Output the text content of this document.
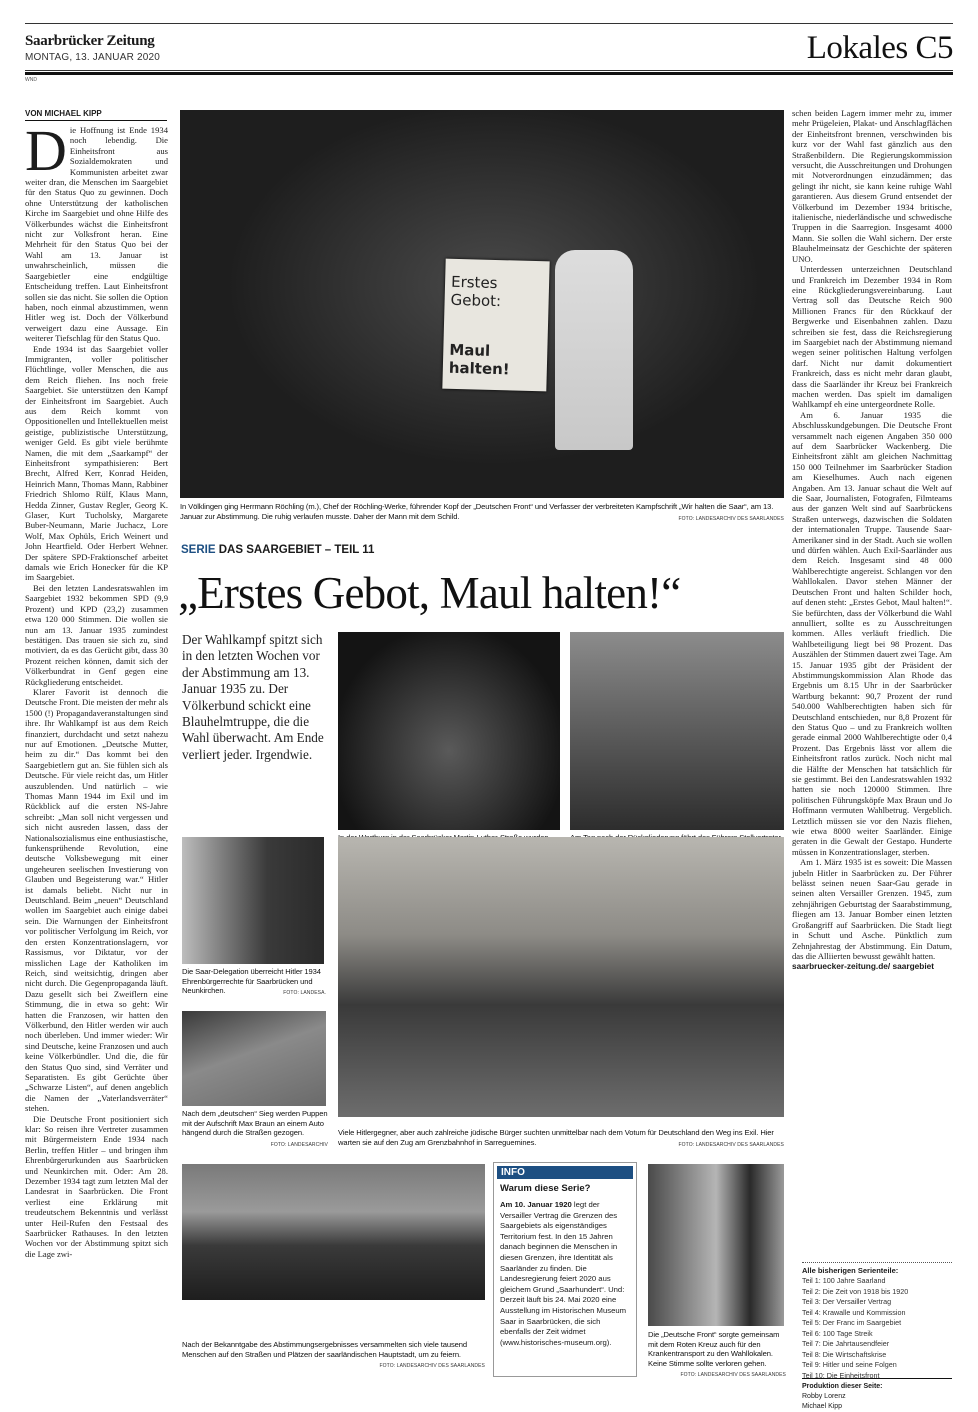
Saarbrücker Zeitung
MONTAG, 13. JANUAR 2020	Lokales C5
WND
VON MICHAEL KIPP

Die Hoffnung ist Ende 1934 noch lebendig. Die Einheitsfront aus Sozialdemokraten und Kommunisten arbeitet zwar weiter dran, die Menschen im Saargebiet für den Status Quo zu gewinnen. Doch ohne Unterstützung der katholischen Kirche im Saargebiet und ohne Hilfe des Völkerbundes wächst die Einheitsfront nicht zur Volksfront heran. Eine Mehrheit für den Status Quo bei der Wahl am 13. Januar ist unwahrscheinlich, müssen die Saargebietler eine endgültige Entscheidung treffen. Laut Einheitsfront sollen sie das nicht. Sie sollen die Option haben, noch einmal abzustimmen, wenn Hitler weg ist. Doch der Völkerbund verweigert dazu eine Aussage. Ein weiterer Tiefschlag für den Status Quo.

Ende 1934 ist das Saargebiet voller Immigranten, voller politischer Flüchtlinge, voller Menschen, die aus dem Reich fliehen. Ins noch freie Saargebiet. Sie unterstützen den Kampf der Einheitsfront im Saargebiet. Auch aus dem Reich kommt von Oppositionellen und Intellektuellen meist geistige, publizistische Unterstützung, weniger Geld. Es gibt viele berühmte Namen, die mit dem „Saarkampf“ der Einheitsfront sympathisieren: Bert Brecht, Alfred Kerr, Konrad Heiden, Heinrich Mann, Thomas Mann, Rabbiner Friedrich Shlomo Rülf, Klaus Mann, Hedda Zinner, Gustav Regler, Georg K. Glaser, Kurt Tucholsky, Margarete Buber-Neumann, Marie Juchacz, Lore Wolf, Max Ophüls, Erich Weinert und John Heartfield. Oder Herbert Wehner. Der spätere SPD-Fraktionschef arbeitet damals wie Erich Honecker für die KP im Saargebiet.

Bei den letzten Landesratswahlen im Saargebiet 1932 bekommen SPD (9,9 Prozent) und KPD (23,2) zusammen etwa 120 000 Stimmen. Die wollen sie nun am 13. Januar 1935 zumindest bestätigen. Das trauen sie sich zu, sind motiviert, da es das Gerücht gibt, dass 30 Prozent reichen können, damit sich der Völkerbundrat in Genf gegen eine Rückgliederung entscheidet.

Klarer Favorit ist dennoch die Deutsche Front. Die meisten der mehr als 1500 (!) Propagandaveranstaltungen sind ihre. Ihr Wahlkampf ist aus dem Reich finanziert, durchdacht und setzt nahezu nur auf Emotionen. „Deutsche Mutter, heim zu dir.“ Das kommt bei den Saargebietlern gut an. Sie fühlen sich als Deutsche. Für viele reicht das, um Hitler auszublenden. Und natürlich – wie Thomas Mann 1944 im Exil und im Rückblick auf die ersten NS-Jahre schreibt: „Man soll nicht vergessen und sich nicht ausreden lassen, dass der Nationalsozialismus eine enthusiastische, funkensprühende Revolution, eine deutsche Volksbewegung mit einer ungeheuren seelischen Investierung von Glauben und Begeisterung war.“ Hitler ist damals beliebt. Nicht nur in Deutschland. Beim „neuen“ Deutschland wollen im Saargebiet auch einige dabei sein. Die Warnungen der Einheitsfront vor politischer Verfolgung im Reich, vor den ersten Konzentrationslagern, vor Rassismus, vor Diktatur, vor der misslichen Lage der Katholiken im Reich, sind weitsichtig, dringen aber nicht durch. Die Gegenpropaganda läuft. Dazu gesellt sich bei Zweiflern eine Stimmung, die in etwa so geht: Wir hatten die Franzosen, wir hatten den Völkerbund, den Hitler werden wir auch noch überleben. Und immer wieder: Wir sind Deutsche, keine Franzosen und auch keine Völkerbündler. Und die, die für den Status Quo sind, sind Verräter und Separatisten. Es gibt Gerüchte über „Schwarze Listen“, auf denen angeblich die Namen der „Vaterlandsverräter“ stehen.

Die Deutsche Front positioniert sich klar: So reisen ihre Vertreter zusammen mit Bürgermeistern Ende 1934 nach Berlin, treffen Hitler – und bringen ihm Ehrenbürgerurkunden aus Saarbrücken und Neunkirchen mit. Oder: Am 28. Dezember 1934 tagt zum letzten Mal der Landesrat in Saarbrücken. Die Front verliest eine Erklärung mit treudeutschem Bekenntnis und verlässt unter Heil-Rufen den Festsaal des Saarbrücker Rathauses. In den letzten Wochen vor der Abstimmung spitzt sich die Lage zwi-

Erstes Gebot:
Maul halten!
In Völklingen ging Herrmann Röchling (m.), Chef der Röchling-Werke, führender Kopf der „Deutschen Front“ und Verfasser der verbreiteten Kampfschrift „Wir halten die Saar“, am 13. Januar zur Abstimmung. Die ruhig verlaufen musste. Daher der Mann mit dem Schild.	FOTO: LANDESARCHIV DES SAARLANDES
SERIE DAS SAARGEBIET – TEIL 11
„Erstes Gebot, Maul halten!“
Der Wahlkampf spitzt sich in den letzten Wochen vor der Abstimmung am 13. Januar 1935 zu. Der Völkerbund schickt eine Blauhelmtruppe, die die Wahl überwacht. Am Ende verliert jeder. Irgendwie.
Die Saar-Delegation überreicht Hitler 1934 Ehrenbürgerrechte für Saarbrücken und Neunkirchen.	FOTO: LANDESA.
Nach dem „deutschen“ Sieg werden Puppen mit der Aufschrift Max Braun an einem Auto hängend durch die Straßen gezogen.
FOTO: LANDESARCHIV
Viele Hitlergegner, aber auch zahlreiche jüdische Bürger suchten unmittelbar nach dem Votum für Deutschland den Weg ins Exil. Hier warten sie auf den Zug am Grenzbahnhof in Sarreguemines.	FOTO: LANDESARCHIV DES SAARLANDES
Nach der Bekanntgabe des Abstimmungsergebnisses versammelten sich viele tausend Menschen auf den Straßen und Plätzen der saarländischen Hauptstadt, um zu feiern.
FOTO: LANDESARCHIV DES SAARLANDES
INFO
Warum diese Serie?
Am 10. Januar 1920 legt der Versailler Vertrag die Grenzen des Saargebiets als eigenständiges Territorium fest. In den 15 Jahren danach beginnen die Menschen in diesen Grenzen, ihre Identität als Saarländer zu finden. Die Landesregierung feiert 2020 aus gleichem Grund „Saarhundert“. Und: Derzeit läuft bis 24. Mai 2020 eine Ausstellung im Historischen Museum Saar in Saarbrücken, die sich ebenfalls der Zeit widmet (www.historisches-museum.org).
Die „Deutsche Front“ sorgte gemeinsam mit dem Roten Kreuz auch für den Krankentransport zu den Wahllokalen. Keine Stimme sollte verloren gehen.
FOTO: LANDESARCHIV DES SAARLANDES

schen beiden Lagern immer mehr zu, immer mehr Prügeleien, Plakat- und Anschlagflächen der Einheitsfront brennen, verschwinden bis kurz vor der Wahl fast gänzlich aus den Straßenbildern. Die Regierungskommission versucht, die Ausschreitungen und Drohungen mit Notverordnungen einzudämmen; das gelingt ihr nicht, sie kann keine ruhige Wahl garantieren. Aus diesem Grund entsendet der Völkerbund im Dezember 1934 britische, italienische, niederländische und schwedische Truppen in die Saarregion. Insgesamt 4000 Mann. Sie sollen die Wahl sichern. Der erste Blauhelmeinsatz der Geschichte der späteren UNO.

Unterdessen unterzeichnen Deutschland und Frankreich im Dezember 1934 in Rom eine Rückgliederungsvereinbarung. Laut Vertrag soll das Deutsche Reich 900 Millionen Francs für den Rückkauf der Bergwerke und Eisenbahnen zahlen. Dazu schreiben sie fest, dass die Reichsregierung im Saargebiet nach der Abstimmung niemand wegen seiner politischen Haltung verfolgen darf. Nicht nur damit dokumentiert Frankreich, dass es nicht mehr daran glaubt, dass die Saarländer ihr Kreuz bei Frankreich machen werden. Das spielt im damaligen Wahlkampf eh eine untergeordnete Rolle.

Am 6. Januar 1935 die Abschlusskundgebungen. Die Deutsche Front versammelt nach eigenen Angaben 350 000 auf dem Saarbrücker Wackenberg. Die Einheitsfront zählt am gleichen Nachmittag 150 000 Teilnehmer im Saarbrücker Stadion am Kieselhumes. Auch nach eigenen Angaben. Am 13. Januar schaut die Welt auf die Saar, Journalisten, Fotografen, Filmteams aus der ganzen Welt sind auf Saarbrückens Straßen unterwegs, dazwischen die Soldaten der internationalen Truppe. Tausende Saar-Amerikaner sind in der Stadt. Auch sie wollen und dürfen wählen. Auch Exil-Saarländer aus dem Reich. Insgesamt sind 48 000 Wahlberechtigte angereist. Schlangen vor den Wahllokalen. Davor stehen Männer der Deutschen Front und halten Schilder hoch, auf denen steht: „Erstes Gebot, Maul halten!“. Sie befürchten, dass der Völkerbund die Wahl annulliert, sollte es zu Ausschreitungen kommen. Alles verläuft friedlich. Die Wahlbeteiligung liegt bei 98 Prozent. Das Auszählen der Stimmen dauert zwei Tage. Am 15. Januar 1935 gibt der Präsident der Abstimmungskommission Alan Rhode das Ergebnis um 8.15 Uhr in der Saarbrücker Wartburg bekannt: 90,7 Prozent der rund 540.000 Wahlberechtigten haben sich für Deutschland entschieden, nur 8,8 Prozent für den Status Quo – und zu Frankreich wollten gerade einmal 2000 Wahlberechtigte oder 0,4 Prozent. Das Ergebnis lässt vor allem die Einheitsfront ratlos zurück. Noch nicht mal die Hälfte der Menschen hat tatsächlich für sie gestimmt. Bei den Landesratswahlen 1932 hatten sie noch 120000 Stimmen. Ihre politischen Führungsköpfe Max Braun und Jo Hoffmann vermuten Wahlbetrug. Vergeblich. Letztlich müssen sie vor den Nazis fliehen, wie etwa 8000 weiter Saarländer. Einige geraten in die Gewalt der Gestapo. Hunderte müssen in Konzentrationslager, sterben.

Am 1. März 1935 ist es soweit: Die Massen jubeln Hitler in Saarbrücken zu. Der Führer belässt seinen neuen Saar-Gau gerade in seinen alten Versailler Grenzen. 1945, zum zehnjährigen Geburtstag der Saarabstimmung, fliegen am 13. Januar Bomber einen letzten Großangriff auf Saarbrücken. Die Stadt liegt in Schutt und Asche. Pünktlich zum Zehnjahrestag der Abstimmung. Ein Datum, das die Alliierten bewusst gewählt hatten.

saarbruecker-zeitung.de/ saargebiet
Alle bisherigen Serienteile:
Teil 1: 100 Jahre Saarland
Teil 2: Die Zeit von 1918 bis 1920
Teil 3: Der Versailler Vertrag
Teil 4: Krawalle und Kommission
Teil 5: Der Franc im Saargebiet
Teil 6: 100 Tage Streik
Teil 7: Die Jahrtausendfeier
Teil 8: Die Wirtschaftskrise
Teil 9: Hitler und seine Folgen
Teil 10: Die Einheitsfront
Produktion dieser Seite:
Robby Lorenz
Michael Kipp
